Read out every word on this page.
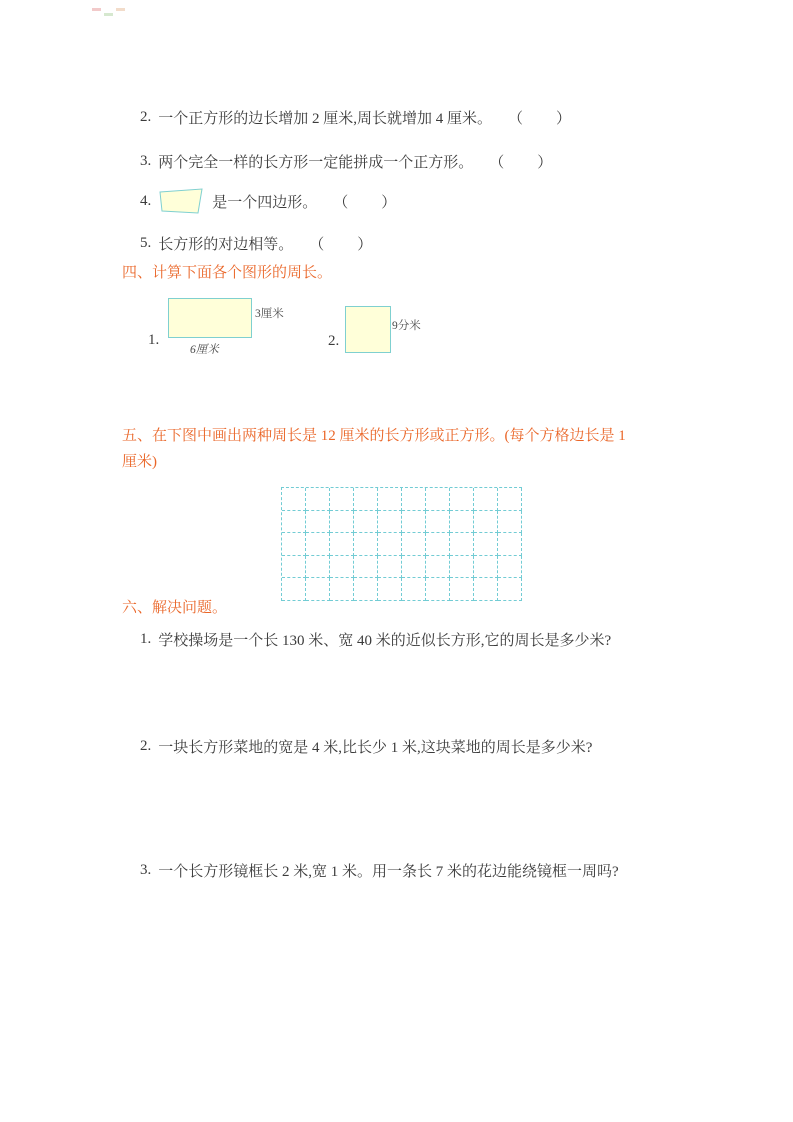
2. 一个正方形的边长增加 2 厘米,周长就增加 4 厘米。 （　　）
3. 两个完全一样的长方形一定能拼成一个正方形。 （　　）
4.	是一个四边形。 （　　）
5. 长方形的对边相等。 （　　）
四、计算下面各个图形的周长。
3厘米
1.
6厘米
2.
9分米
五、在下图中画出两种周长是 12 厘米的长方形或正方形。(每个方格边长是 1
厘米)
六、解决问题。
1. 学校操场是一个长 130 米、宽 40 米的近似长方形,它的周长是多少米?
2. 一块长方形菜地的宽是 4 米,比长少 1 米,这块菜地的周长是多少米?
3. 一个长方形镜框长 2 米,宽 1 米。用一条长 7 米的花边能绕镜框一周吗?
